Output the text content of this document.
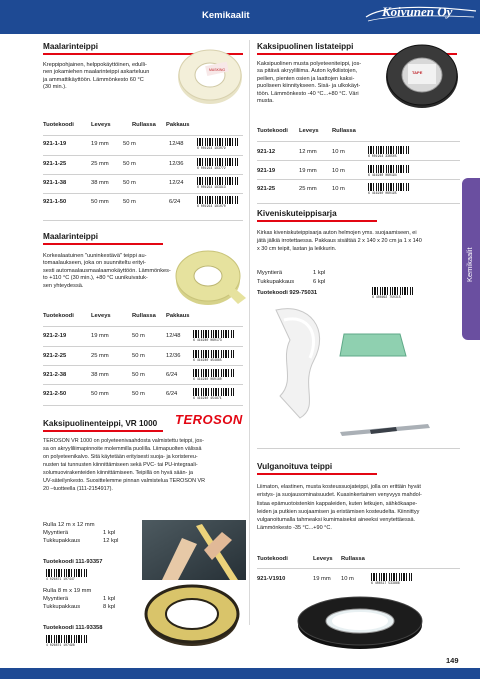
Kemikaalit	Koivunen Oy
Kemikaalit
Maalarinteippi
MASKING
Kreppipohjainen, helppokäyttöinen, edulli-
nen jokamiehen maalarinteippi askarteluun
ja ammattikäyttöön. Lämmönkesto 60 °C
(30 min.).
Tuotekoodi	Leveys	Rullassa Pakkaus
921-1-19	19 mm 50 m	12/48
6 001914 183079
921-1-25	25 mm 50 m	12/36
6 001914 183772
921-1-38	38 mm 50 m	12/24
6 001914 183913
921-1-50	50 mm 50 m	6/24
6 001914 181070
Maalarinteippi
Korkealaatuinen "uuninkestävä" teippi au-
tomaalaukseen, joka on suunniteltu erityi-
sesti automaalausmaalaamokäyttöön. Lämmönkes-
to +110 °C (30 min.), +80 °C uunikuivatuk-
sen yhteydessä.
Tuotekoodi	Leveys	Rullassa Pakkaus
921-2-19	19 mm	50 m	12/48
6 416240 060173
921-2-25	25 mm	50 m	12/36
6 416240 454885
921-2-38	38 mm	50 m	6/24
6 416240 060180
921-2-50	50 mm	50 m	6/24
6 416240 454871
Kaksipuolinenteippi, VR 1000 TEROSON
TEROSON VR 1000 on polyeteenivaahdosta valmistettu teippi, jos-
sa on akryyliliimapinnoite molemmilla puolilla. Liimapuolten välissä
on polyeteenikalvo. Sitä käytetään erityisesti suoja- ja koristereu-
nusten tai tunnusten kiinnittämiseen sekä PVC- tai PU-integraali-
solumuovirakenteiden kiinnittämiseen. Teipillä on hyvä sään- ja
UV-säteilynkesto. Suosittelemme pinnan valmistelua TEROSON VR
20 –tuotteella (111-2154917).
Rulla 12 m x 12 mm
Myyntierä	1 kpl
Tukkupakkaus	12 kpl
Tuotekoodi 111-93357
4 026871 107447
Rulla 8 m x 19 mm
Myyntierä	1 kpl
Tukkupakkaus	8 kpl
Tuotekoodi 111-93358
4 026871 107498
Kaksipuolinen listateippi
TAPE
Kaksipuolinen musta polyeteeniteippi, jos-
sa pitävä akryyliliima. Auton kylkilistojen,
peilien, pienten osien ja laattojen kaksi-
puoliseen kiinnitykseen. Sisä- ja ulkokäyt-
töön. Lämmönkesto -40 °C...+80 °C. Väri
musta.
Tuotekoodi Leveys Rullassa
921-12	12 mm	10 m
6 001914 336505
921-19	19 mm	10 m
6 416240 060194
921-25	25 mm	10 m
6 416240 060195
Kiveniskuteippisarja
Kirkas kiveniskuteippisarja auton helmojen yms. suojaamiseen, ei
jätä jälkiä irrotettaessa. Pakkaus sisältää 2 x 140 x 20 cm ja 1 x 140
x 30 cm teipit, lastan ja leikkurin.
Myyntierä	1 kpl
Tukkupakkaus	6 kpl
Tuotekoodi 929-75031
6 408662 750315
Vulganoituva teippi
Liimaton, elastinen, musta kosteussuojateippi, jolla on erittäin hyvät
eristys- ja suojausominaisuudet. Kuasinkertainen venyvyys mahdol-
listaa epämuotoistenkin kappaleiden, kuten letkujen, sähkökaape-
leiden ja putkien suojaamisen ja eristämisen kosteudelta. Kiinnittyy
vulganoitumalla tahmeaksi kumimaiseksi aineeksi venytettäessä.
Lämmönkesto -35 °C...+90 °C.
Tuotekoodi	Leveys Rullassa
921-V1910	19 mm 10 m
6 408517 533886
149
